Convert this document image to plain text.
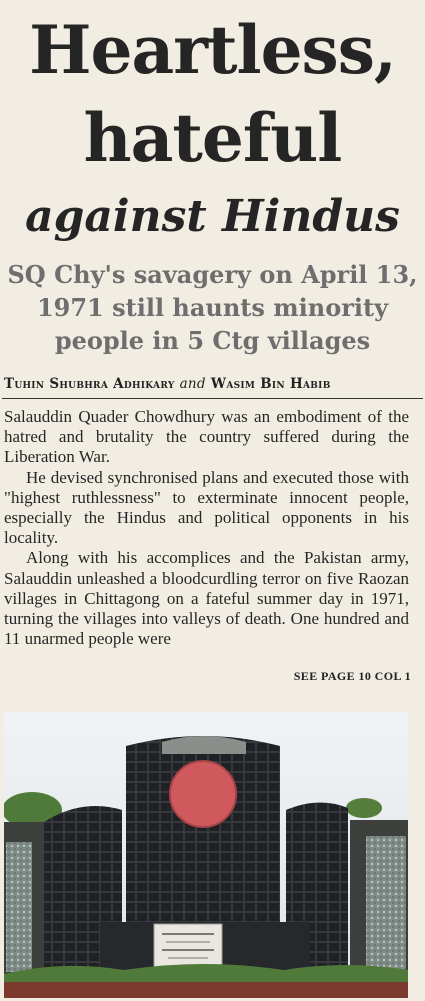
Heartless,
hateful
against Hindus
SQ Chy's savagery on April 13,
1971 still haunts minority
people in 5 Ctg villages
Tuhin Shubhra Adhikary and Wasim Bin Habib

Salauddin Quader Chowdhury was an embodiment of the hatred and brutality the country suffered during the Liberation War.

He devised synchronised plans and executed those with "highest ruthlessness" to exterminate innocent people, especially the Hindus and political opponents in his locality.

Along with his accomplices and the Pakistan army, Salauddin unleashed a bloodcurdling terror on five Raozan villages in Chittagong on a fateful summer day in 1971, turning the villages into valleys of death. One hundred and 11 unarmed people were

SEE PAGE 10 COL 1
